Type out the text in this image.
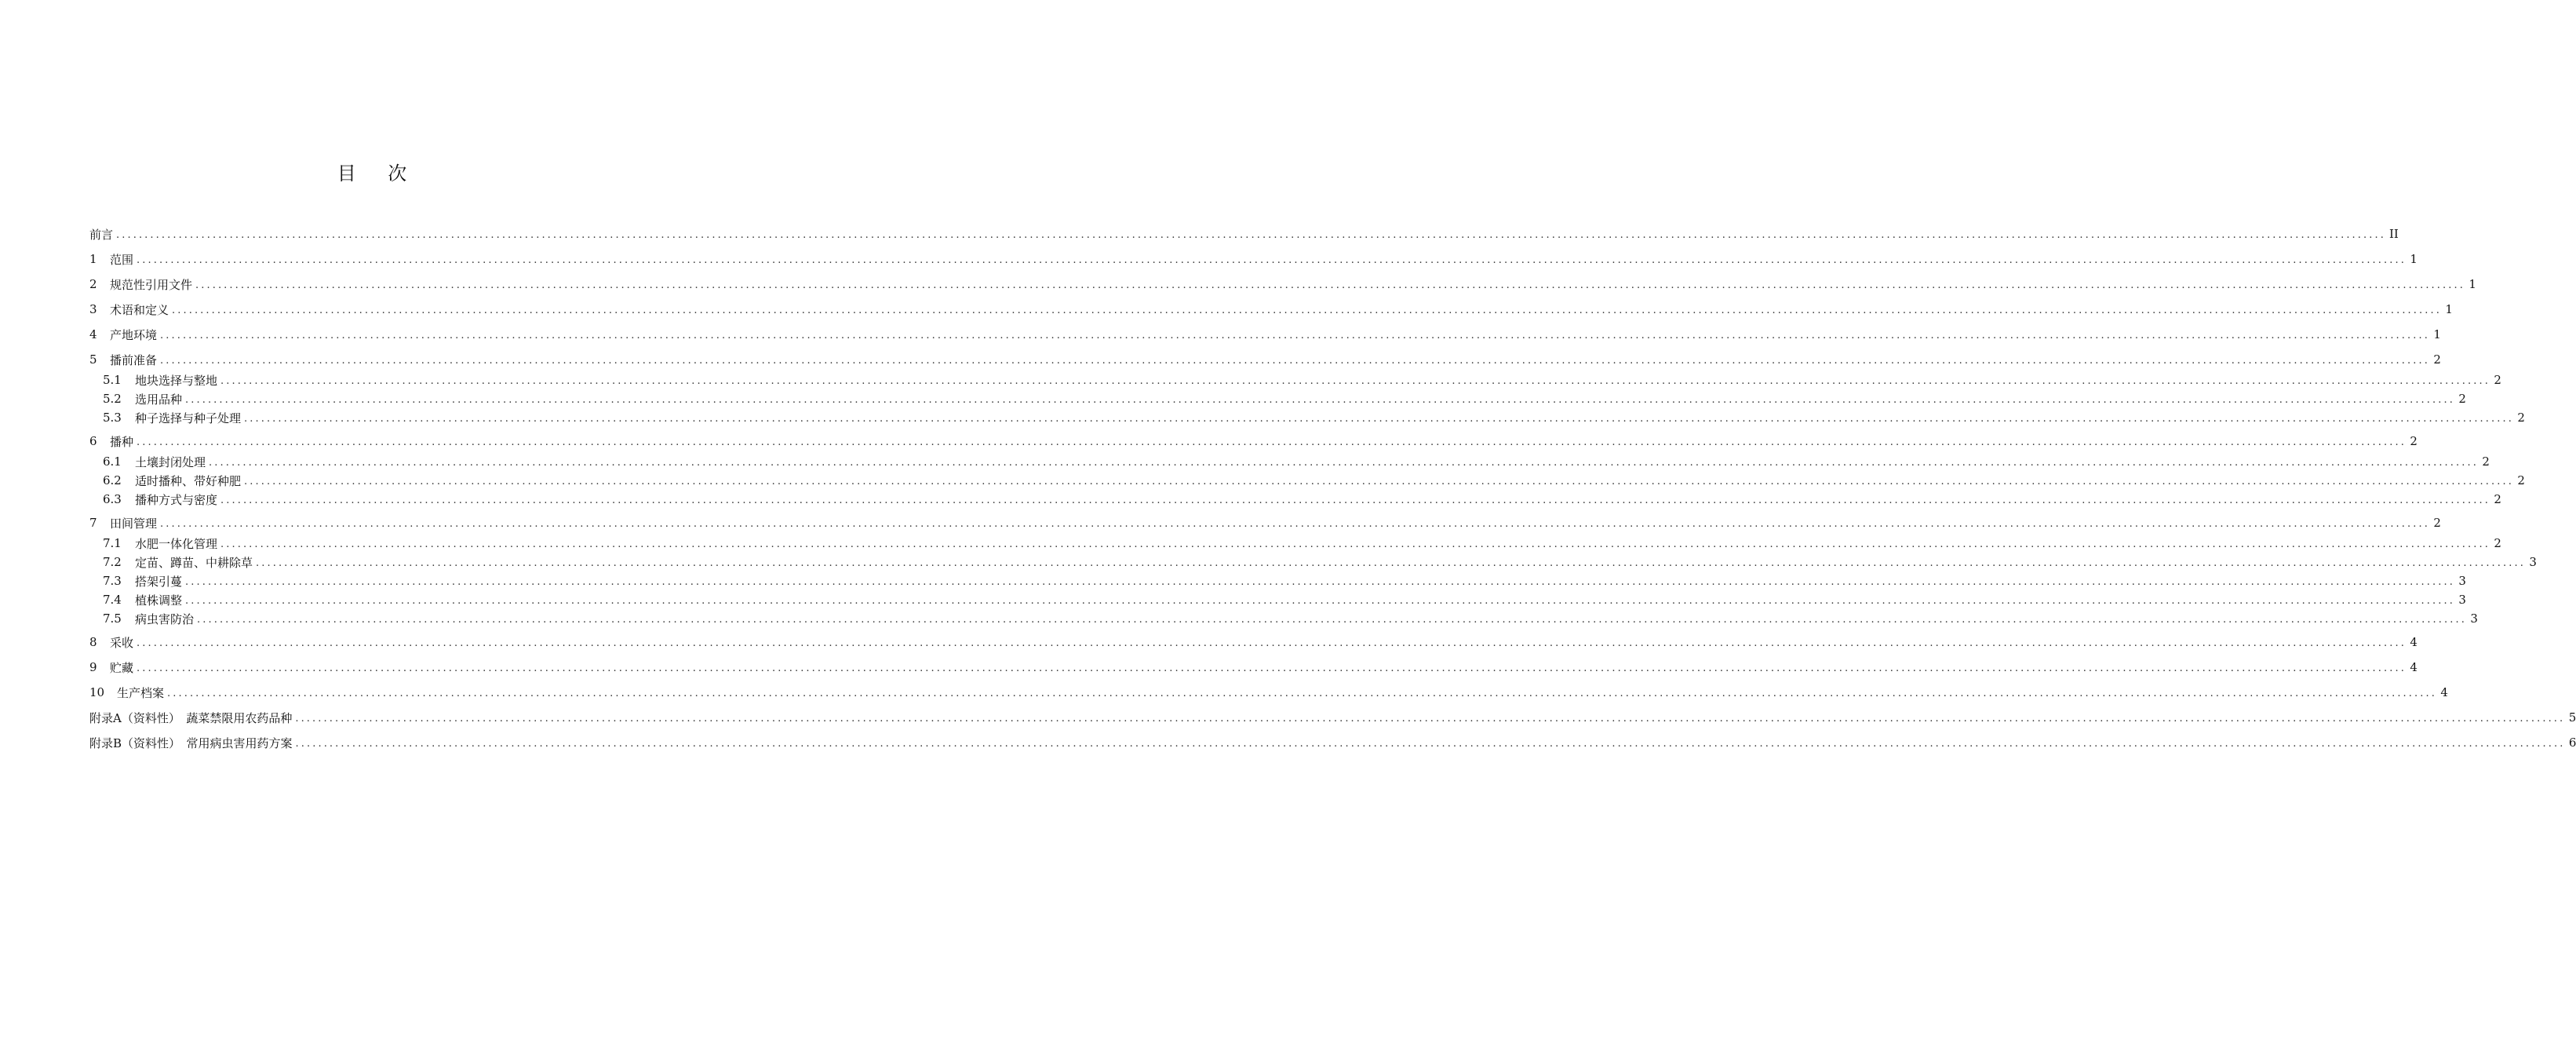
目    次
前言 ................................................................................................................................................................................................................................................................................................................................................................................................................ II
1	范围 ................................................................................................................................................................................................................................................................................................................................................................................................................ 1
2	规范性引用文件 ................................................................................................................................................................................................................................................................................................................................................................................................................ 1
3	术语和定义 ................................................................................................................................................................................................................................................................................................................................................................................................................ 1
4	产地环境 ................................................................................................................................................................................................................................................................................................................................................................................................................ 1
5	播前准备 ................................................................................................................................................................................................................................................................................................................................................................................................................ 2
5.1	地块选择与整地 ................................................................................................................................................................................................................................................................................................................................................................................................................ 2
5.2	选用品种 ................................................................................................................................................................................................................................................................................................................................................................................................................ 2
5.3	种子选择与种子处理 ................................................................................................................................................................................................................................................................................................................................................................................................................ 2
6	播种 ................................................................................................................................................................................................................................................................................................................................................................................................................ 2
6.1	土壤封闭处理 ................................................................................................................................................................................................................................................................................................................................................................................................................ 2
6.2	适时播种、带好种肥 ................................................................................................................................................................................................................................................................................................................................................................................................................ 2
6.3	播种方式与密度 ................................................................................................................................................................................................................................................................................................................................................................................................................ 2
7	田间管理 ................................................................................................................................................................................................................................................................................................................................................................................................................ 2
7.1	水肥一体化管理 ................................................................................................................................................................................................................................................................................................................................................................................................................ 2
7.2	定苗、蹲苗、中耕除草 ................................................................................................................................................................................................................................................................................................................................................................................................................ 3
7.3	搭架引蔓 ................................................................................................................................................................................................................................................................................................................................................................................................................ 3
7.4	植株调整 ................................................................................................................................................................................................................................................................................................................................................................................................................ 3
7.5	病虫害防治 ................................................................................................................................................................................................................................................................................................................................................................................................................ 3
8	采收 ................................................................................................................................................................................................................................................................................................................................................................................................................ 4
9	贮藏 ................................................................................................................................................................................................................................................................................................................................................................................................................ 4
10	生产档案 ................................................................................................................................................................................................................................................................................................................................................................................................................ 4
附录A（资料性）　蔬菜禁限用农药品种 ................................................................................................................................................................................................................................................................................................................................................................................................................ 5
附录B（资料性）　常用病虫害用药方案 ................................................................................................................................................................................................................................................................................................................................................................................................................ 6
